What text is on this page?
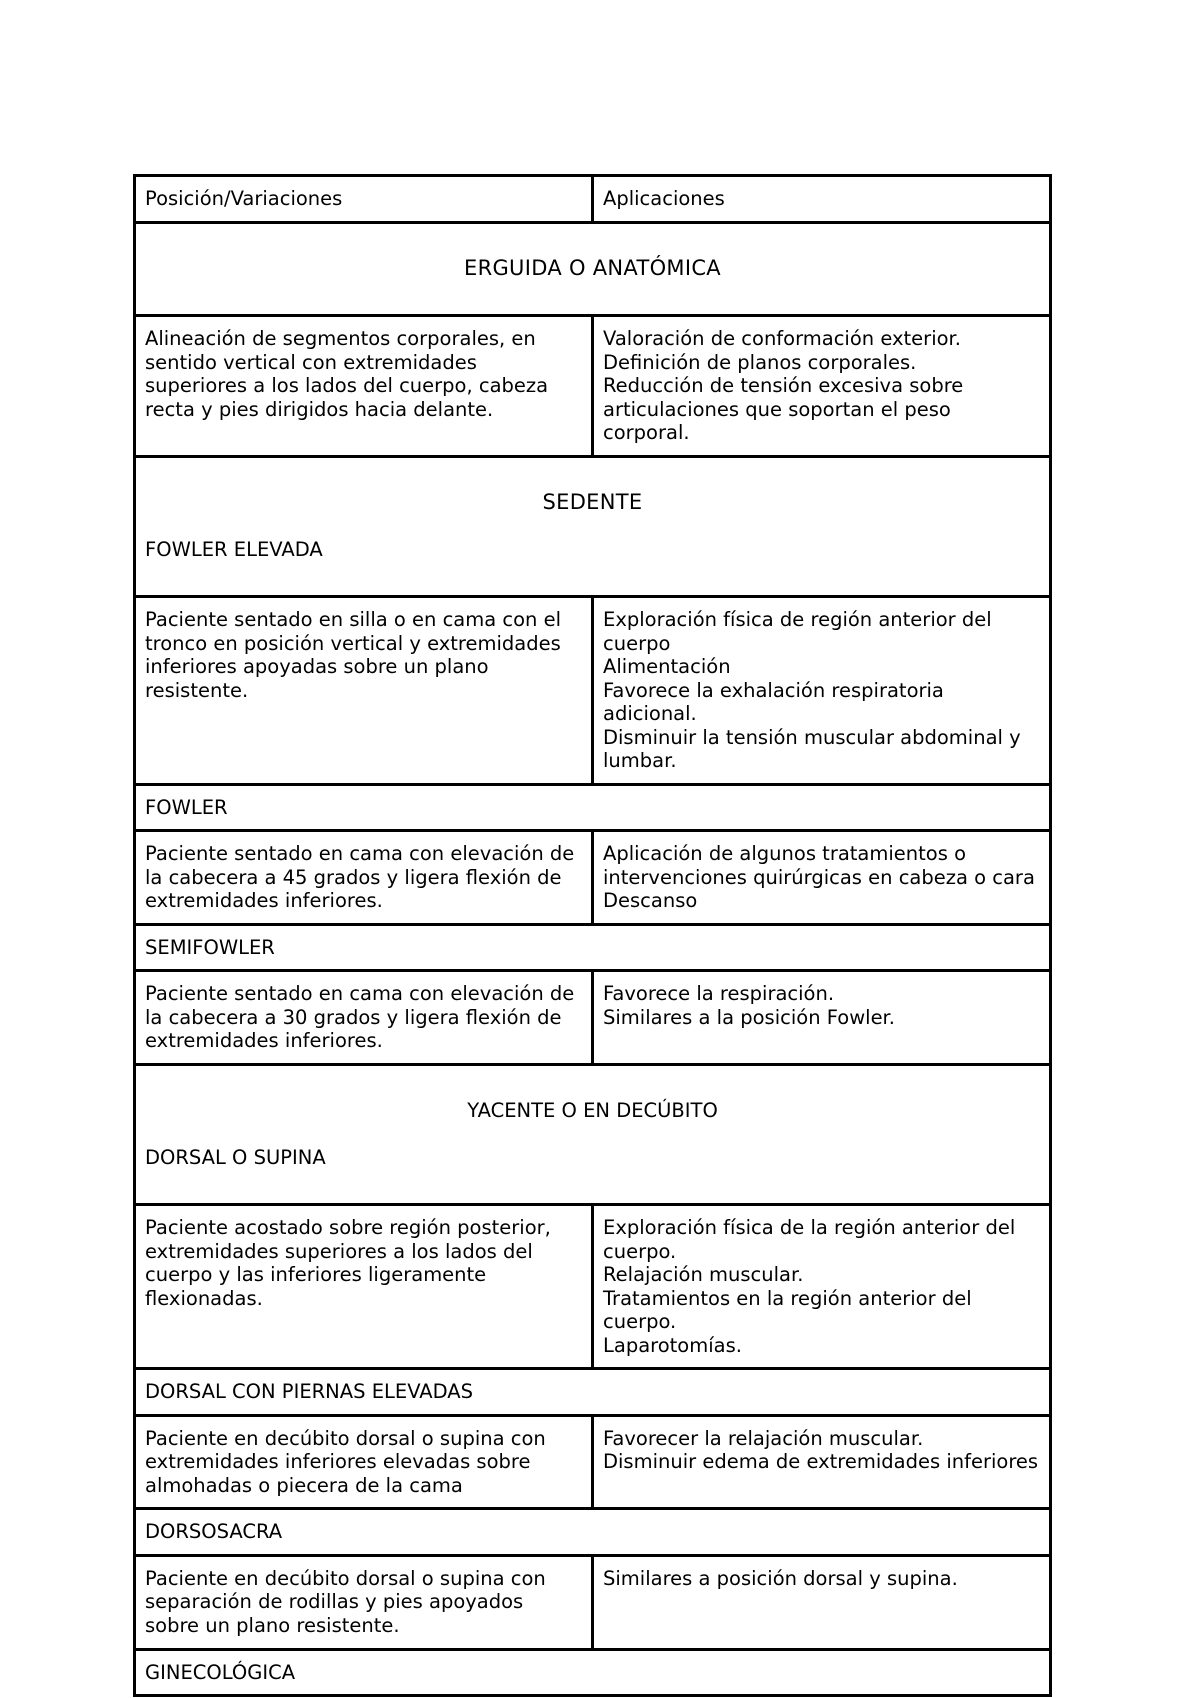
Posición/Variaciones	Aplicaciones

ERGUIDA O ANATÓMICA	

Alineación de segmentos corporales, en sentido vertical con extremidades superiores a los lados del cuerpo, cabeza recta y pies dirigidos hacia delante.	Valoración de conformación exterior.
Definición de planos corporales.
Reducción de tensión excesiva sobre articulaciones que soportan el peso corporal.

SEDENTE

FOWLER ELEVADA	

Paciente sentado en silla o en cama con el tronco en posición vertical y extremidades inferiores apoyadas sobre un plano resistente.	Exploración física de región anterior del cuerpo
Alimentación
Favorece la exhalación respiratoria adicional.
Disminuir la tensión muscular abdominal y lumbar.
FOWLER	
Paciente sentado en cama con elevación de la cabecera a 45 grados y ligera flexión de extremidades inferiores.	Aplicación de algunos tratamientos o intervenciones quirúrgicas en cabeza o cara
Descanso
SEMIFOWLER	
Paciente sentado en cama con elevación de la cabecera a 30 grados y ligera flexión de extremidades inferiores.	Favorece la respiración.
Similares a la posición Fowler.

YACENTE O EN DECÚBITO

DORSAL O SUPINA	

Paciente acostado sobre región posterior, extremidades superiores a los lados del cuerpo y las inferiores ligeramente flexionadas.	Exploración física de la región anterior del cuerpo.
Relajación muscular.
Tratamientos en la región anterior del cuerpo.
Laparotomías.
DORSAL CON PIERNAS ELEVADAS	
Paciente en decúbito dorsal o supina con extremidades inferiores elevadas sobre almohadas o piecera de la cama	Favorecer la relajación muscular.
Disminuir edema de extremidades inferiores
DORSOSACRA	
Paciente en decúbito dorsal o supina con separación de rodillas y pies apoyados sobre un plano resistente.	Similares a posición dorsal y supina.
GINECOLÓGICA	
